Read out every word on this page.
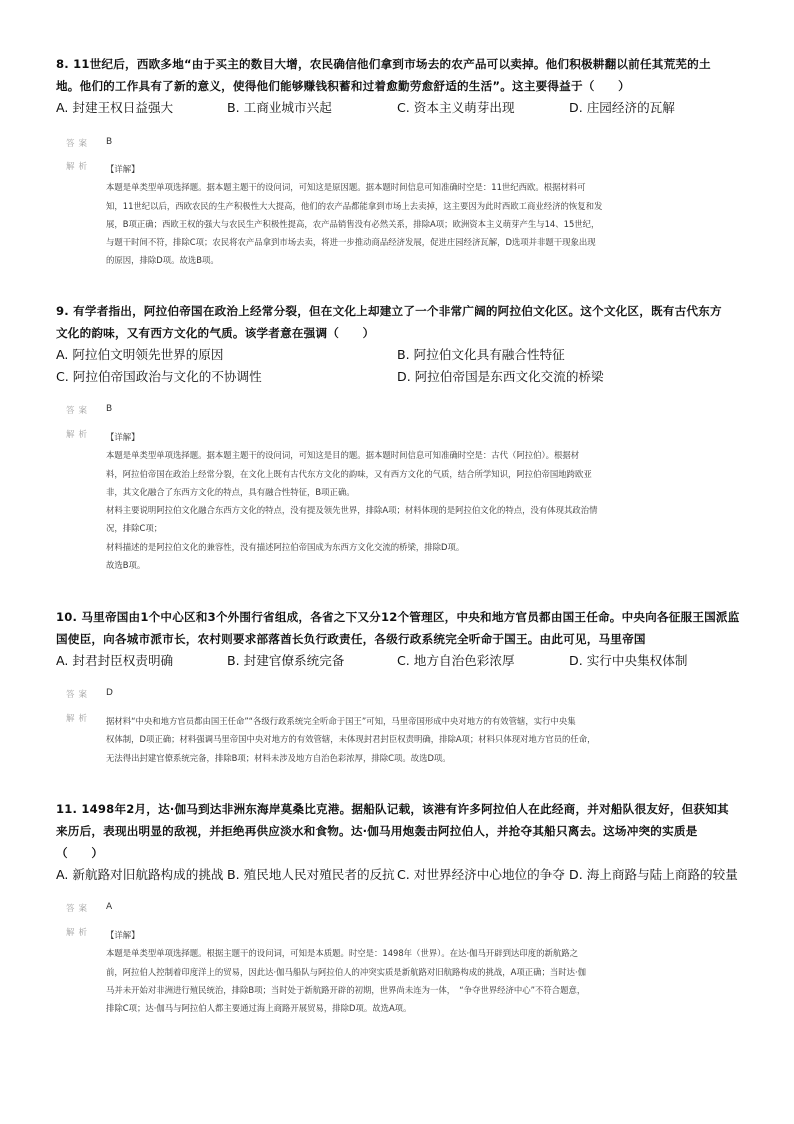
8. 11世纪后，西欧多地“由于买主的数目大增，农民确信他们拿到市场去的农产品可以卖掉。他们积极耕翻以前任其荒芜的土
地。他们的工作具有了新的意义，使得他们能够赚钱积蓄和过着愈勤劳愈舒适的生活”。这主要得益于（　　）

A. 封建王权日益强大	B. 工商业城市兴起	C. 资本主义萌芽出现	D. 庄园经济的瓦解
答案 B
解析 【详解】

本题是单类型单项选择题。据本题主题干的设问词，可知这是原因题。据本题时间信息可知准确时空是：11世纪西欧。根据材料可

知，11世纪以后，西欧农民的生产积极性大大提高，他们的农产品都能拿到市场上去卖掉，这主要因为此时西欧工商业经济的恢复和发

展，B项正确；西欧王权的强大与农民生产积极性提高，农产品销售没有必然关系，排除A项；欧洲资本主义萌芽产生与14、15世纪，

与题干时间不符，排除C项；农民将农产品拿到市场去卖，将进一步推动商品经济发展，促进庄园经济瓦解，D选项并非题干现象出现

的原因，排除D项。故选B项。

9. 有学者指出，阿拉伯帝国在政治上经常分裂，但在文化上却建立了一个非常广阔的阿拉伯文化区。这个文化区，既有古代东方
文化的韵味，又有西方文化的气质。该学者意在强调（　　）

A. 阿拉伯文明领先世界的原因	B. 阿拉伯文化具有融合性特征
C. 阿拉伯帝国政治与文化的不协调性	D. 阿拉伯帝国是东西文化交流的桥梁
答案 B
解析 【详解】

本题是单类型单项选择题。据本题主题干的设问词，可知这是目的题。据本题时间信息可知准确时空是：古代（阿拉伯）。根据材

料，阿拉伯帝国在政治上经常分裂，在文化上既有古代东方文化的韵味，又有西方文化的气质，结合所学知识，阿拉伯帝国地跨欧亚

非，其文化融合了东西方文化的特点，具有融合性特征，B项正确。

材料主要说明阿拉伯文化融合东西方文化的特点，没有提及领先世界，排除A项；材料体现的是阿拉伯文化的特点，没有体现其政治情

况，排除C项；

材料描述的是阿拉伯文化的兼容性，没有描述阿拉伯帝国成为东西方文化交流的桥梁，排除D项。

故选B项。

10. 马里帝国由1个中心区和3个外围行省组成，各省之下又分12个管理区，中央和地方官员都由国王任命。中央向各征服王国派监
国使臣，向各城市派市长，农村则要求部落酋长负行政责任，各级行政系统完全听命于国王。由此可见，马里帝国

A. 封君封臣权责明确	B. 封建官僚系统完备	C. 地方自治色彩浓厚	D. 实行中央集权体制
答案 D
解析 据材料“中央和地方官员都由国王任命”“各级行政系统完全听命于国王”可知，马里帝国形成中央对地方的有效管辖，实行中央集

权体制，D项正确；材料强调马里帝国中央对地方的有效管辖，未体现封君封臣权责明确，排除A项；材料只体现对地方官员的任命，

无法得出封建官僚系统完备，排除B项；材料未涉及地方自治色彩浓厚，排除C项。故选D项。

11. 1498年2月，达·伽马到达非洲东海岸莫桑比克港。据船队记载，该港有许多阿拉伯人在此经商，并对船队很友好，但获知其
来历后，表现出明显的敌视，并拒绝再供应淡水和食物。达·伽马用炮轰击阿拉伯人，并抢夺其船只离去。这场冲突的实质是
（　　）

A. 新航路对旧航路构成的挑战 B. 殖民地人民对殖民者的反抗 C. 对世界经济中心地位的争夺 D. 海上商路与陆上商路的较量
答案 A
解析 【详解】

本题是单类型单项选择题。根据主题干的设问词，可知是本质题。时空是：1498年（世界）。在达·伽马开辟到达印度的新航路之

前，阿拉伯人控制着印度洋上的贸易，因此达·伽马船队与阿拉伯人的冲突实质是新航路对旧航路构成的挑战，A项正确；当时达·伽

马并未开始对非洲进行殖民统治，排除B项；当时处于新航路开辟的初期，世界尚未连为一体，　“争夺世界经济中心”不符合题意，

排除C项；达·伽马与阿拉伯人都主要通过海上商路开展贸易，排除D项。故选A项。
